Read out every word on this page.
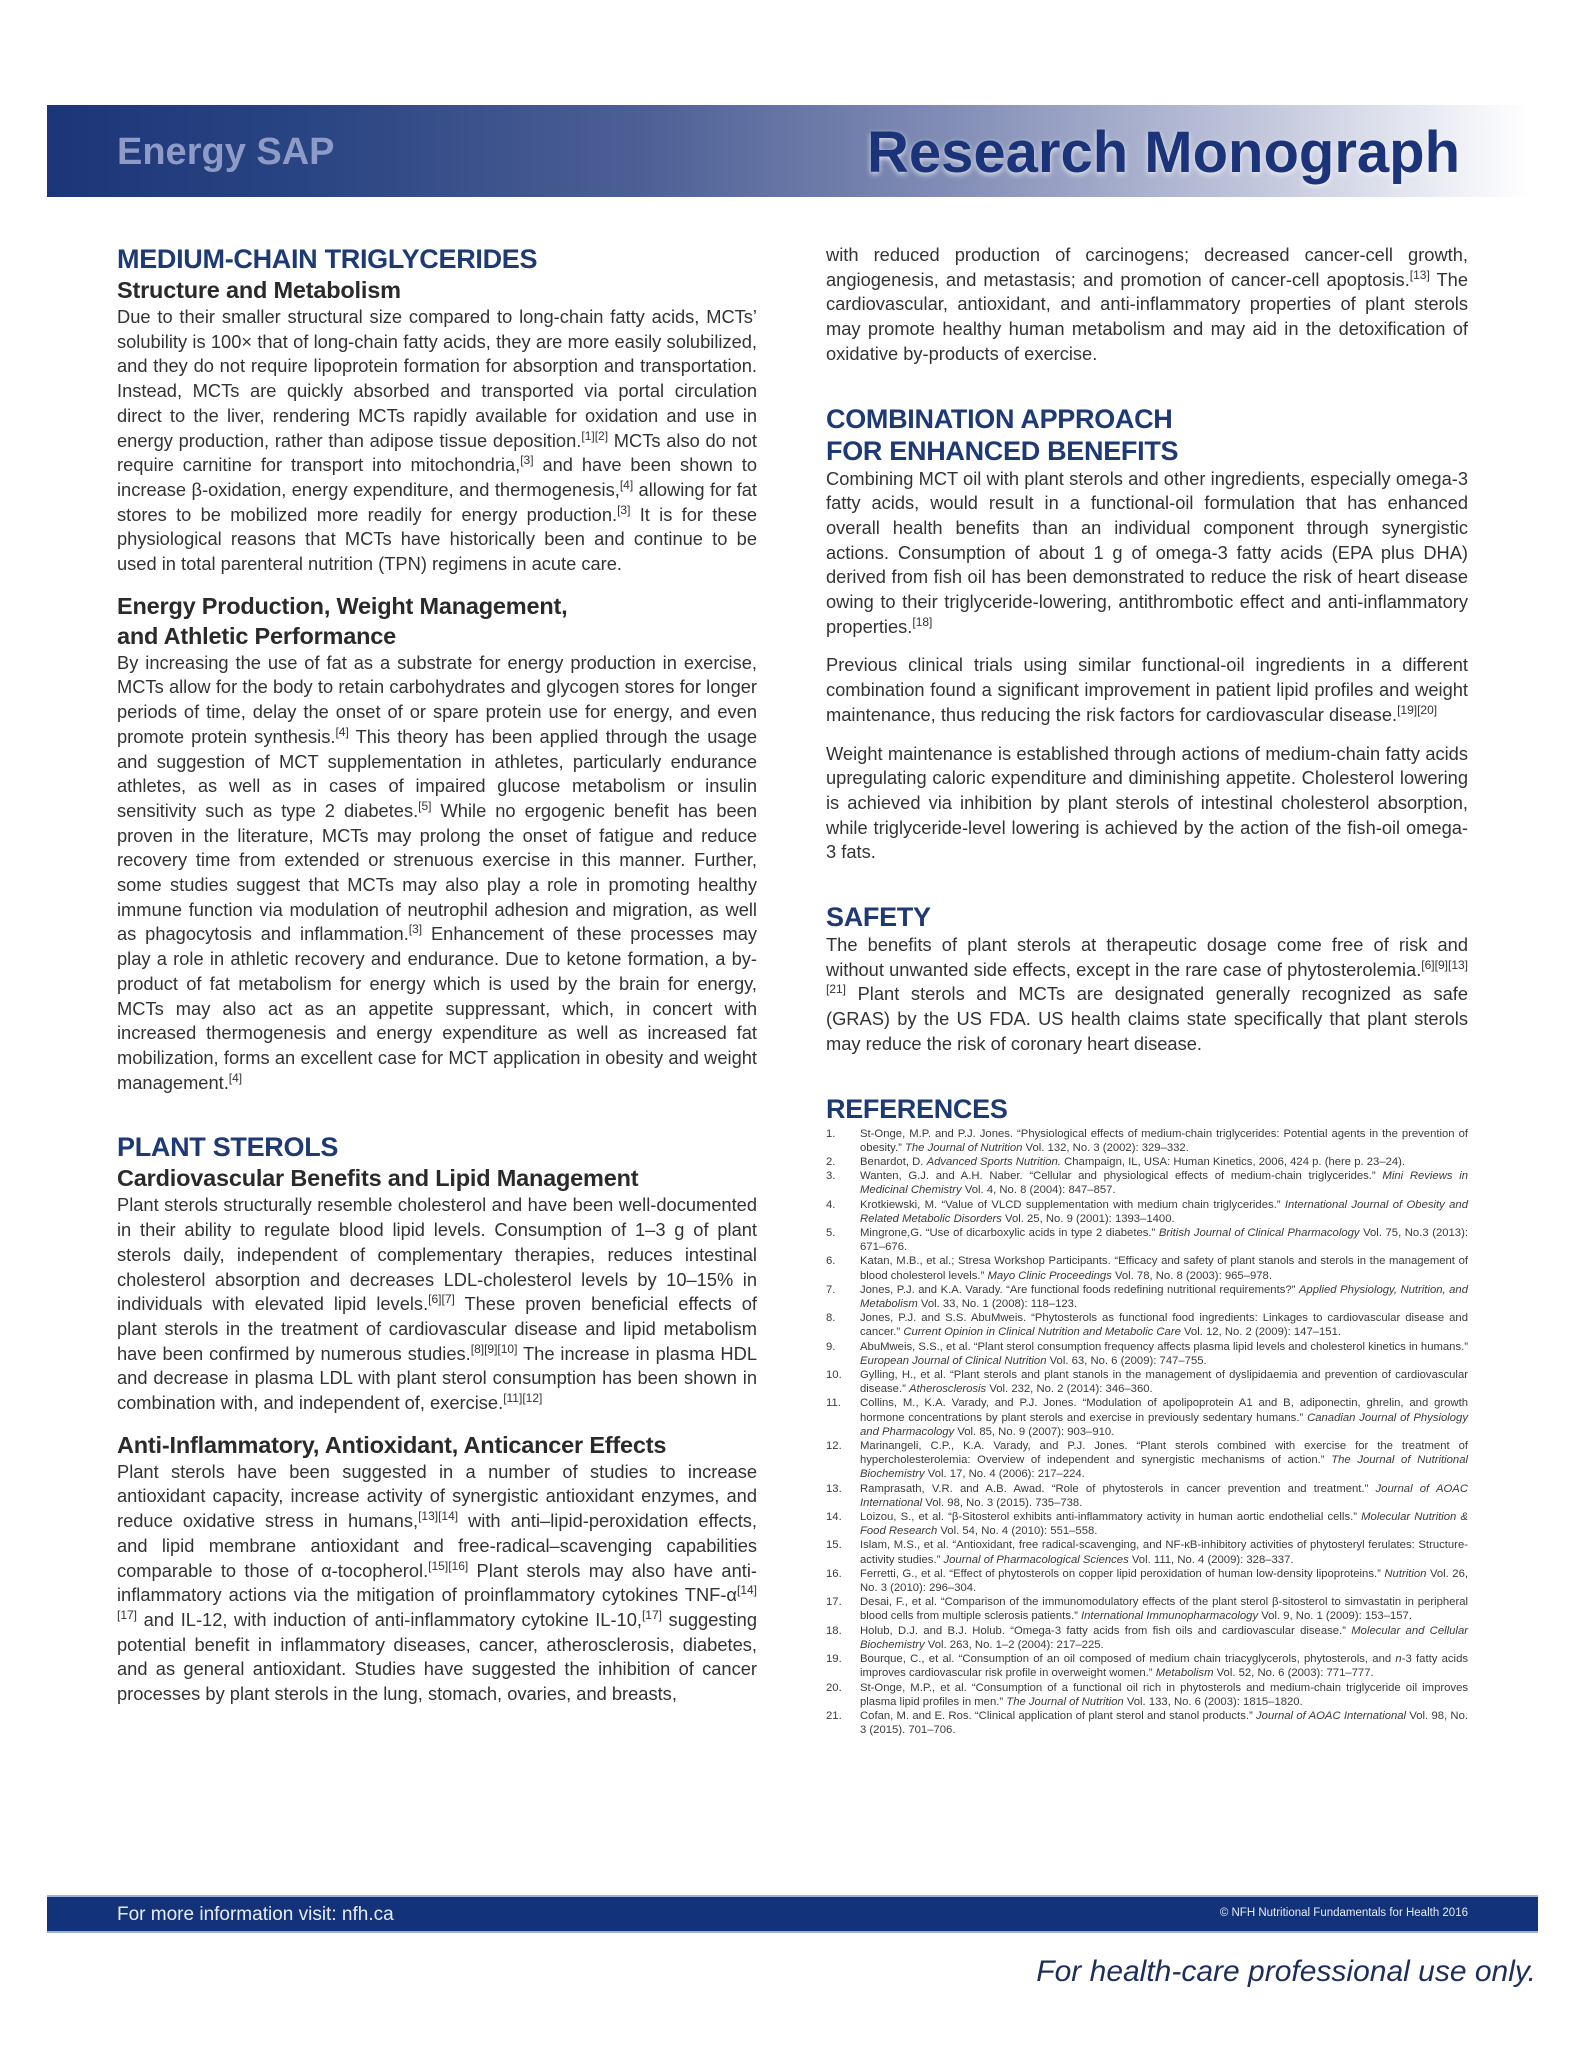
Energy SAP	Research Monograph
MEDIUM-CHAIN TRIGLYCERIDES
Structure and Metabolism

Due to their smaller structural size compared to long-chain fatty acids, MCTs’ solubility is 100× that of long-chain fatty acids, they are more easily solubilized, and they do not require lipoprotein formation for absorption and transportation. Instead, MCTs are quickly absorbed and transported via portal circulation direct to the liver, rendering MCTs rapidly available for oxidation and use in energy production, rather than adipose tissue deposition.[1][2] MCTs also do not require carnitine for transport into mitochondria,[3] and have been shown to increase β-oxidation, energy expenditure, and thermogenesis,[4] allowing for fat stores to be mobilized more readily for energy production.[3] It is for these physiological reasons that MCTs have historically been and continue to be used in total parenteral nutrition (TPN) regimens in acute care.

Energy Production, Weight Management,
and Athletic Performance

By increasing the use of fat as a substrate for energy production in exercise, MCTs allow for the body to retain carbohydrates and glycogen stores for longer periods of time, delay the onset of or spare protein use for energy, and even promote protein synthesis.[4] This theory has been applied through the usage and suggestion of MCT supplementation in athletes, particularly endurance athletes, as well as in cases of impaired glucose metabolism or insulin sensitivity such as type 2 diabetes.[5] While no ergogenic benefit has been proven in the literature, MCTs may prolong the onset of fatigue and reduce recovery time from extended or strenuous exercise in this manner. Further, some studies suggest that MCTs may also play a role in promoting healthy immune function via modulation of neutrophil adhesion and migration, as well as phagocytosis and inflammation.[3] Enhancement of these processes may play a role in athletic recovery and endurance. Due to ketone formation, a by-product of fat metabolism for energy which is used by the brain for energy, MCTs may also act as an appetite suppressant, which, in concert with increased thermogenesis and energy expenditure as well as increased fat mobilization, forms an excellent case for MCT application in obesity and weight management.[4]

PLANT STEROLS
Cardiovascular Benefits and Lipid Management

Plant sterols structurally resemble cholesterol and have been well-documented in their ability to regulate blood lipid levels. Consumption of 1–3 g of plant sterols daily, independent of complementary therapies, reduces intestinal cholesterol absorption and decreases LDL-cholesterol levels by 10–15% in individuals with elevated lipid levels.[6][7] These proven beneficial effects of plant sterols in the treatment of cardiovascular disease and lipid metabolism have been confirmed by numerous studies.[8][9][10] The increase in plasma HDL and decrease in plasma LDL with plant sterol consumption has been shown in combination with, and independent of, exercise.[11][12]

Anti-Inflammatory, Antioxidant, Anticancer Effects

Plant sterols have been suggested in a number of studies to increase antioxidant capacity, increase activity of synergistic antioxidant enzymes, and reduce oxidative stress in humans,[13][14] with anti–lipid-peroxidation effects, and lipid membrane antioxidant and free-radical–scavenging capabilities comparable to those of α-tocopherol.[15][16] Plant sterols may also have anti-inflammatory actions via the mitigation of proinflammatory cytokines TNF-α[14][17] and IL-12, with induction of anti-inflammatory cytokine IL-10,[17] suggesting potential benefit in inflammatory diseases, cancer, atherosclerosis, diabetes, and as general antioxidant. Studies have suggested the inhibition of cancer processes by plant sterols in the lung, stomach, ovaries, and breasts,

with reduced production of carcinogens; decreased cancer-cell growth, angiogenesis, and metastasis; and promotion of cancer-cell apoptosis.[13] The cardiovascular, antioxidant, and anti-inflammatory properties of plant sterols may promote healthy human metabolism and may aid in the detoxification of oxidative by-products of exercise.

COMBINATION APPROACH
FOR ENHANCED BENEFITS

Combining MCT oil with plant sterols and other ingredients, especially omega-3 fatty acids, would result in a functional-oil formulation that has enhanced overall health benefits than an individual component through synergistic actions. Consumption of about 1 g of omega-3 fatty acids (EPA plus DHA) derived from fish oil has been demonstrated to reduce the risk of heart disease owing to their triglyceride-lowering, antithrombotic effect and anti-inflammatory properties.[18]

Previous clinical trials using similar functional-oil ingredients in a different combination found a significant improvement in patient lipid profiles and weight maintenance, thus reducing the risk factors for cardiovascular disease.[19][20]

Weight maintenance is established through actions of medium-chain fatty acids upregulating caloric expenditure and diminishing appetite. Cholesterol lowering is achieved via inhibition by plant sterols of intestinal cholesterol absorption, while triglyceride-level lowering is achieved by the action of the fish-oil omega-3 fats.

SAFETY

The benefits of plant sterols at therapeutic dosage come free of risk and without unwanted side effects, except in the rare case of phytosterolemia.[6][9][13][21] Plant sterols and MCTs are designated generally recognized as safe (GRAS) by the US FDA. US health claims state specifically that plant sterols may reduce the risk of coronary heart disease.

REFERENCES
1.	St-Onge, M.P. and P.J. Jones. “Physiological effects of medium-chain triglycerides: Potential agents in the prevention of obesity.” The Journal of Nutrition Vol. 132, No. 3 (2002): 329–332.
2.	Benardot, D. Advanced Sports Nutrition. Champaign, IL, USA: Human Kinetics, 2006, 424 p. (here p. 23–24).
3.	Wanten, G.J. and A.H. Naber. “Cellular and physiological effects of medium-chain triglycerides.” Mini Reviews in Medicinal Chemistry Vol. 4, No. 8 (2004): 847–857.
4.	Krotkiewski, M. “Value of VLCD supplementation with medium chain triglycerides.” International Journal of Obesity and Related Metabolic Disorders Vol. 25, No. 9 (2001): 1393–1400.
5.	Mingrone,G. “Use of dicarboxylic acids in type 2 diabetes.” British Journal of Clinical Pharmacology Vol. 75, No.3 (2013): 671–676.
6.	Katan, M.B., et al.; Stresa Workshop Participants. “Efficacy and safety of plant stanols and sterols in the management of blood cholesterol levels.” Mayo Clinic Proceedings Vol. 78, No. 8 (2003): 965–978.
7.	Jones, P.J. and K.A. Varady. “Are functional foods redefining nutritional requirements?” Applied Physiology, Nutrition, and Metabolism Vol. 33, No. 1 (2008): 118–123.
8.	Jones, P.J. and S.S. AbuMweis. “Phytosterols as functional food ingredients: Linkages to cardiovascular disease and cancer.” Current Opinion in Clinical Nutrition and Metabolic Care Vol. 12, No. 2 (2009): 147–151.
9.	AbuMweis, S.S., et al. “Plant sterol consumption frequency affects plasma lipid levels and cholesterol kinetics in humans.” European Journal of Clinical Nutrition Vol. 63, No. 6 (2009): 747–755.
10.	Gylling, H., et al. “Plant sterols and plant stanols in the management of dyslipidaemia and prevention of cardiovascular disease.” Atherosclerosis Vol. 232, No. 2 (2014): 346–360.
11.	Collins, M., K.A. Varady, and P.J. Jones. “Modulation of apolipoprotein A1 and B, adiponectin, ghrelin, and growth hormone concentrations by plant sterols and exercise in previously sedentary humans.” Canadian Journal of Physiology and Pharmacology Vol. 85, No. 9 (2007): 903–910.
12.	Marinangeli, C.P., K.A. Varady, and P.J. Jones. “Plant sterols combined with exercise for the treatment of hypercholesterolemia: Overview of independent and synergistic mechanisms of action.” The Journal of Nutritional Biochemistry Vol. 17, No. 4 (2006): 217–224.
13.	Ramprasath, V.R. and A.B. Awad. “Role of phytosterols in cancer prevention and treatment.” Journal of AOAC International Vol. 98, No. 3 (2015). 735–738.
14.	Loizou, S., et al. “β-Sitosterol exhibits anti-inflammatory activity in human aortic endothelial cells.” Molecular Nutrition & Food Research Vol. 54, No. 4 (2010): 551–558.
15.	Islam, M.S., et al. “Antioxidant, free radical-scavenging, and NF-κB-inhibitory activities of phytosteryl ferulates: Structure-activity studies.” Journal of Pharmacological Sciences Vol. 111, No. 4 (2009): 328–337.
16.	Ferretti, G., et al. “Effect of phytosterols on copper lipid peroxidation of human low-density lipoproteins.” Nutrition Vol. 26, No. 3 (2010): 296–304.
17.	Desai, F., et al. “Comparison of the immunomodulatory effects of the plant sterol β-sitosterol to simvastatin in peripheral blood cells from multiple sclerosis patients.” International Immunopharmacology Vol. 9, No. 1 (2009): 153–157.
18.	Holub, D.J. and B.J. Holub. “Omega-3 fatty acids from fish oils and cardiovascular disease.” Molecular and Cellular Biochemistry Vol. 263, No. 1–2 (2004): 217–225.
19.	Bourque, C., et al. “Consumption of an oil composed of medium chain triacyglycerols, phytosterols, and n-3 fatty acids improves cardiovascular risk profile in overweight women.” Metabolism Vol. 52, No. 6 (2003): 771–777.
20.	St-Onge, M.P., et al. “Consumption of a functional oil rich in phytosterols and medium-chain triglyceride oil improves plasma lipid profiles in men.” The Journal of Nutrition Vol. 133, No. 6 (2003): 1815–1820.
21.	Cofan, M. and E. Ros. “Clinical application of plant sterol and stanol products.” Journal of AOAC International Vol. 98, No. 3 (2015). 701–706.
For more information visit: nfh.ca	© NFH Nutritional Fundamentals for Health 2016
For health-care professional use only.
